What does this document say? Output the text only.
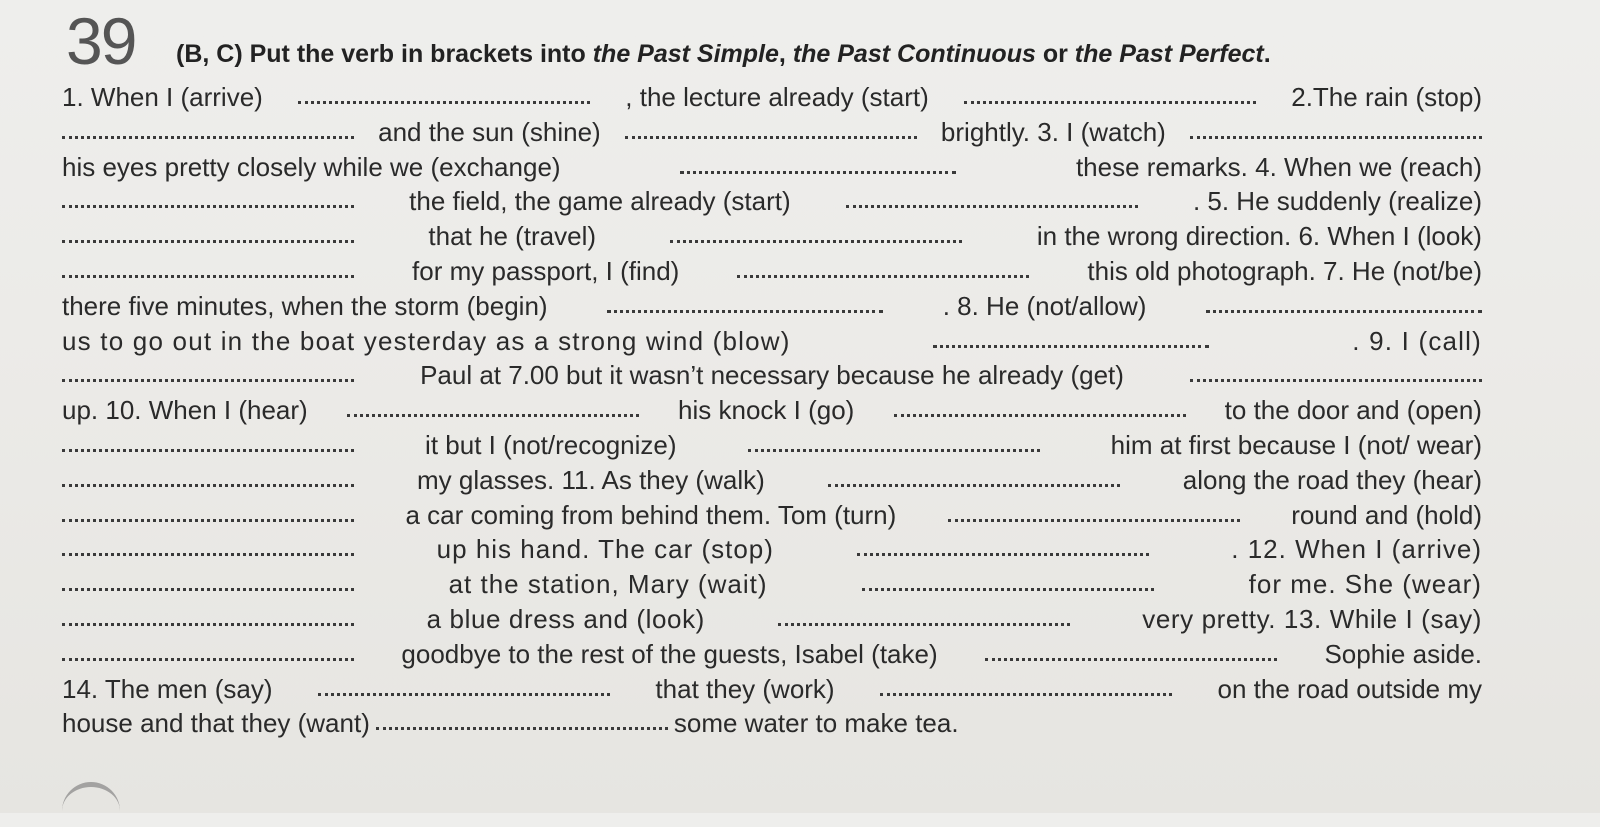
39 (B, C) Put the verb in brackets into the Past Simple, the Past Continuous or the Past Perfect.
1. When I (arrive)	, the lecture already (start)	2.The rain (stop)
and the sun (shine)	brightly. 3. I (watch)
his eyes pretty closely while we (exchange)	these remarks. 4. When we (reach)
the field, the game already (start)	. 5. He suddenly (realize)
that he (travel)	in the wrong direction. 6. When I (look)
for my passport, I (find)	this old photograph. 7. He (not/be)
there five minutes, when the storm (begin)	. 8. He (not/allow)
us to go out in the boat yesterday as a strong wind (blow)	. 9. I (call)
Paul at 7.00 but it wasn’t necessary because he already (get)
up. 10. When I (hear)	his knock I (go)	to the door and (open)
it but I (not/recognize)	him at first because I (not/ wear)
my glasses. 11. As they (walk)	along the road they (hear)
a car coming from behind them. Tom (turn)	round and (hold)
up his hand. The car (stop)	. 12. When I (arrive)
at the station, Mary (wait)	for me. She (wear)
a blue dress and (look)	very pretty. 13. While I (say)
goodbye to the rest of the guests, Isabel (take)	Sophie aside.
14. The men (say)	that they (work)	on the road outside my
house and that they (want)	some water to make tea.
